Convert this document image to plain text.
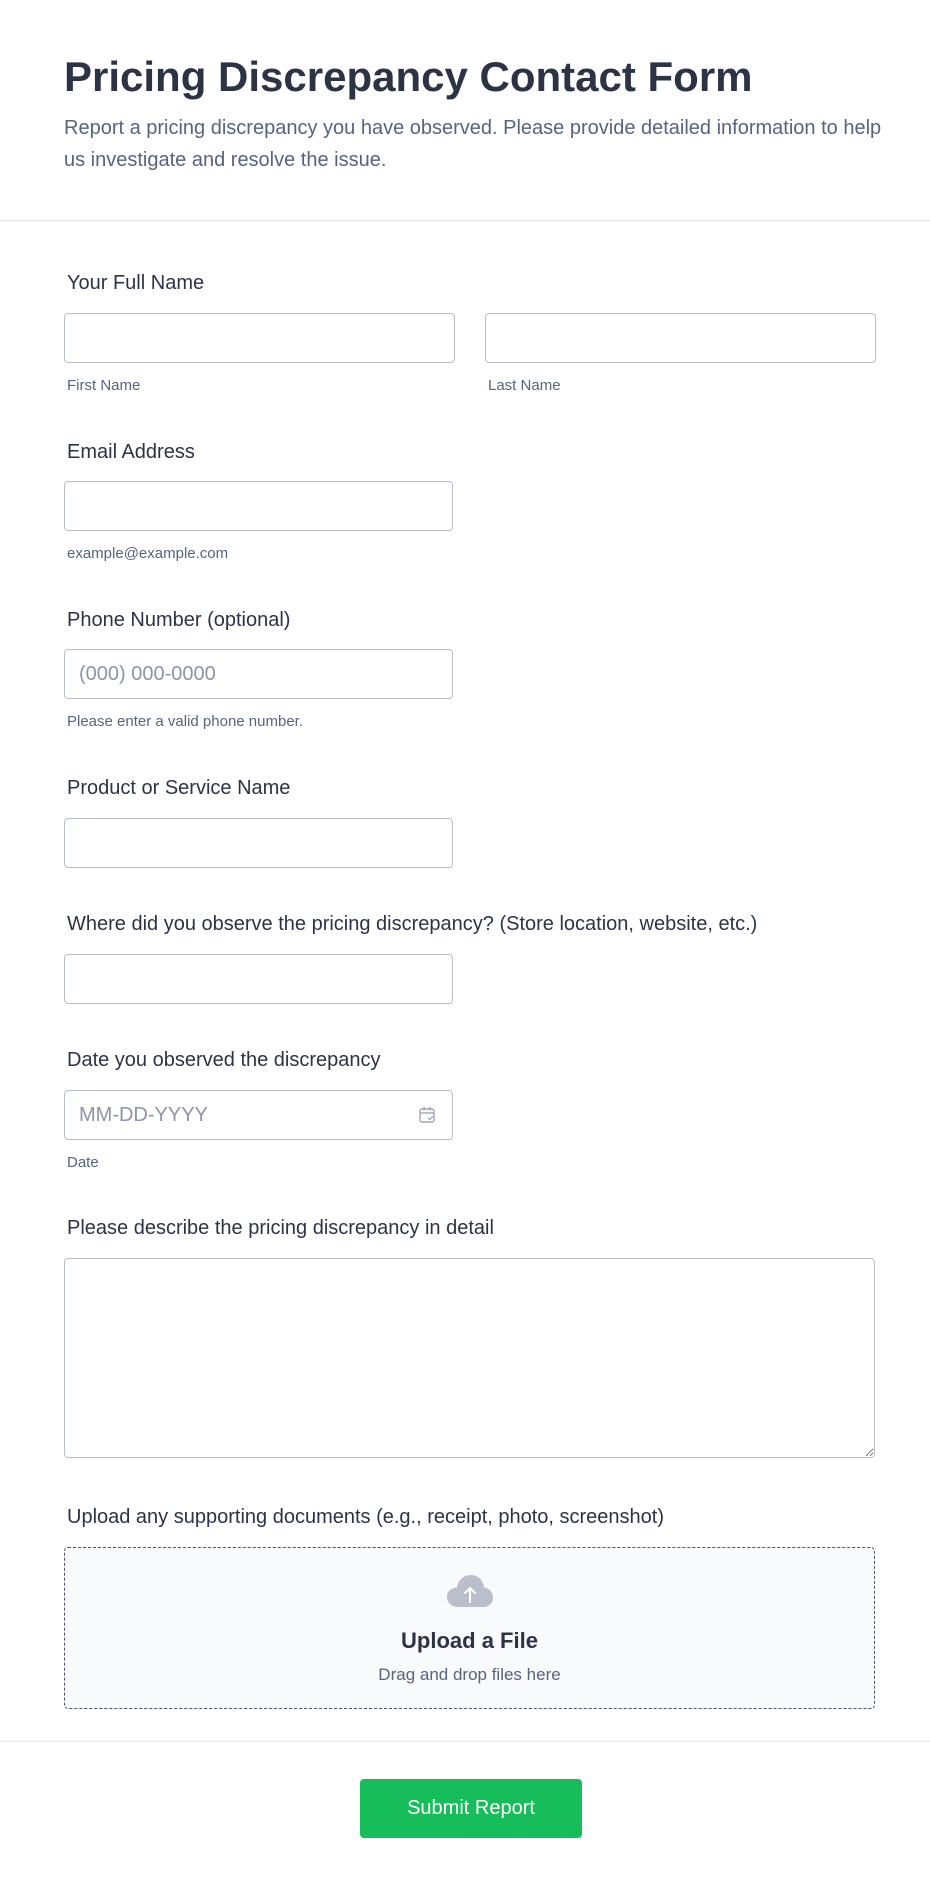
Pricing Discrepancy Contact Form

Report a pricing discrepancy you have observed. Please provide detailed information to help us investigate and resolve the issue.

Your Full Name
First Name	Last Name
Email Address
example@example.com
Phone Number (optional)
(000) 000-0000
Please enter a valid phone number.
Product or Service Name
Where did you observe the pricing discrepancy? (Store location, website, etc.)
Date you observed the discrepancy
MM-DD-YYYY
Date
Please describe the pricing discrepancy in detail
Upload any supporting documents (e.g., receipt, photo, screenshot)
Upload a File
Drag and drop files here
Submit Report
